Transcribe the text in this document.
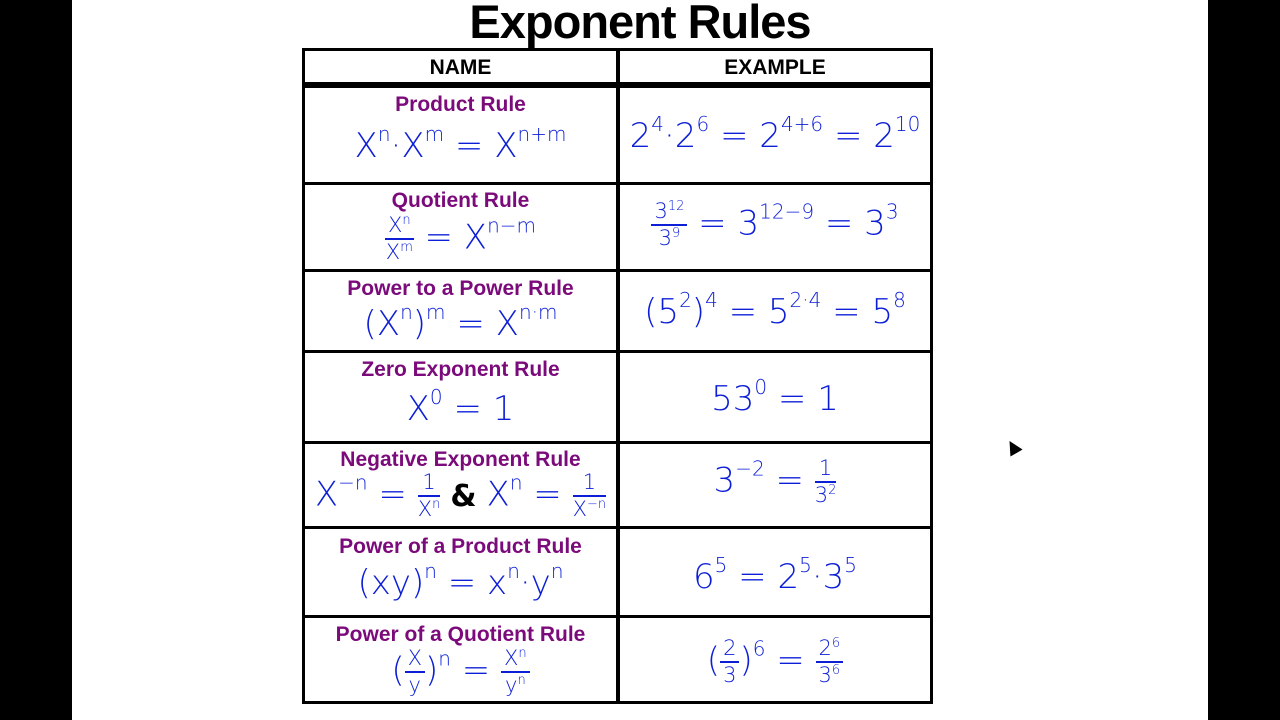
Exponent Rules
NAME	EXAMPLE
Product Rule
$X^n\cdot X^m = X^{n+m}$	$2^4\cdot 2^6 = 2^{4+6} = 2^{10}$
Quotient Rule
$\frac{X^n}{X^m} = X^{n-m}$	$\frac{3^{12}}{3^9} = 3^{12-9} = 3^3$
Power to a Power Rule
$(X^n)^m = X^{n\cdot m}$	$(5^2)^4 = 5^{2\cdot 4} = 5^8$
Zero Exponent Rule
$X^0 = 1$	$53^0 = 1$
Negative Exponent Rule
$X^{-n} = \frac{1}{X^n}$ & $X^n = \frac{1}{X^{-n}}$	$3^{-2} = \frac{1}{3^2}$
Power of a Product Rule
$(xy)^n = x^n\cdot y^n$	$6^5 = 2^5\cdot 3^5$
Power of a Quotient Rule
( $\frac{X}{y} )^n = \frac{X^n}{y^n}$	( $\frac{2}{3} )^6 = \frac{2^6}{3^6}$
